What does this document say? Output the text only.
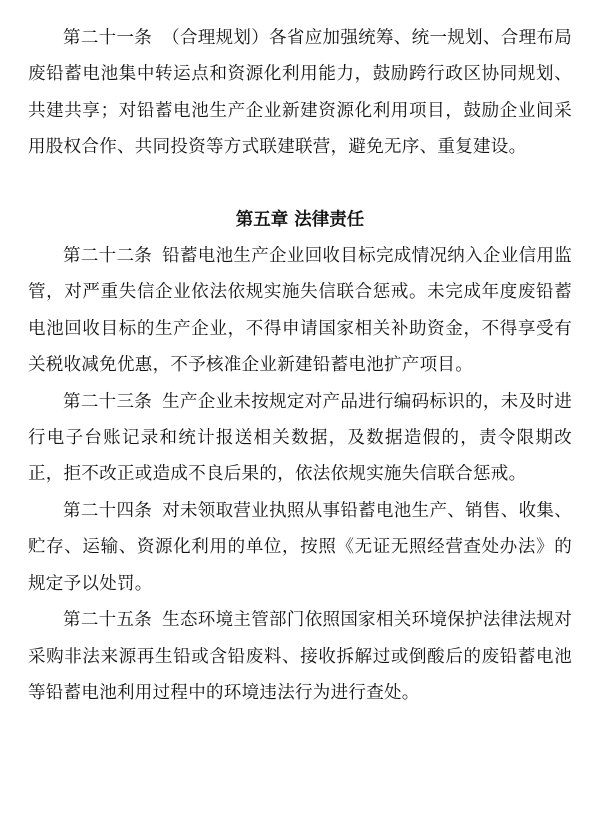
第二十一条 （合理规划）各省应加强统筹、统一规划、合理布局废铅蓄电池集中转运点和资源化利用能力，鼓励跨行政区协同规划、共建共享；对铅蓄电池生产企业新建资源化利用项目，鼓励企业间采用股权合作、共同投资等方式联建联营，避免无序、重复建设。

第五章 法律责任

第二十二条 铅蓄电池生产企业回收目标完成情况纳入企业信用监管，对严重失信企业依法依规实施失信联合惩戒。未完成年度废铅蓄电池回收目标的生产企业，不得申请国家相关补助资金，不得享受有关税收减免优惠，不予核准企业新建铅蓄电池扩产项目。

第二十三条 生产企业未按规定对产品进行编码标识的，未及时进行电子台账记录和统计报送相关数据，及数据造假的，责令限期改正，拒不改正或造成不良后果的，依法依规实施失信联合惩戒。

第二十四条 对未领取营业执照从事铅蓄电池生产、销售、收集、贮存、运输、资源化利用的单位，按照《无证无照经营查处办法》的规定予以处罚。

第二十五条 生态环境主管部门依照国家相关环境保护法律法规对采购非法来源再生铅或含铅废料、接收拆解过或倒酸后的废铅蓄电池等铅蓄电池利用过程中的环境违法行为进行查处。
